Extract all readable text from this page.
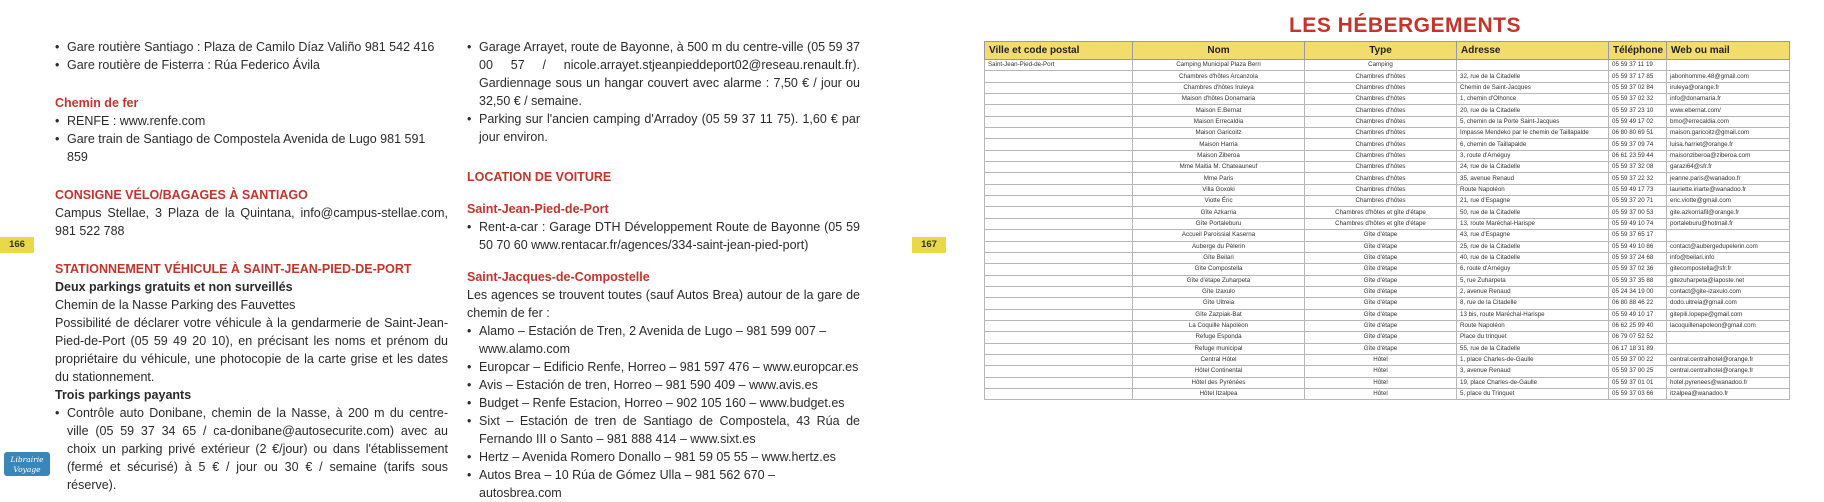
• Gare routière Santiago : Plaza de Camilo Díaz Valiño 981 542 416
• Gare routière de Fisterra : Rúa Federico Ávila
Chemin de fer
• RENFE : www.renfe.com
• Gare train de Santiago de Compostela Avenida de Lugo 981 591 859
CONSIGNE VÉLO/BAGAGES À SANTIAGO

Campus Stellae, 3 Plaza de la Quintana, info@campus-stellae.com, 981 522 788

STATIONNEMENT VÉHICULE À SAINT-JEAN-PIED-DE-PORT
Deux parkings gratuits et non surveillés

Chemin de la Nasse Parking des Fauvettes

Possibilité de déclarer votre véhicule à la gendarmerie de Saint-Jean-Pied-de-Port (05 59 49 20 10), en précisant les noms et prénom du propriétaire du véhicule, une photocopie de la carte grise et les dates du stationnement.

Trois parkings payants
• Contrôle auto Donibane, chemin de la Nasse, à 200 m du centre-ville (05 59 37 34 65 / ca-donibane@autosecurite.com) avec au choix un parking privé extérieur (2 €/jour) ou dans l'établissement (fermé et sécurisé) à 5 € / jour ou 30 € / semaine (tarifs sous réserve).
• Garage Arrayet, route de Bayonne, à 500 m du centre-ville (05 59 37 00 57 / nicole.arrayet.stjeanpieddeport02@reseau.renault.fr). Gardiennage sous un hangar couvert avec alarme : 7,50 € / jour ou 32,50 € / semaine.
• Parking sur l'ancien camping d'Arradoy (05 59 37 11 75). 1,60 € par jour environ.
LOCATION DE VOITURE
Saint-Jean-Pied-de-Port
• Rent-a-car : Garage DTH Développement Route de Bayonne (05 59 50 70 60 www.rentacar.fr/agences/334-saint-jean-pied-port)
Saint-Jacques-de-Compostelle

Les agences se trouvent toutes (sauf Autos Brea) autour de la gare de chemin de fer :

• Alamo – Estación de Tren, 2 Avenida de Lugo – 981 599 007 – www.alamo.com
• Europcar – Edificio Renfe, Horreo – 981 597 476 – www.europcar.es
• Avis – Estación de tren, Horreo – 981 590 409 – www.avis.es
• Budget – Renfe Estacion, Horreo – 902 105 160 – www.budget.es
• Sixt – Estación de tren de Santiago de Compostela, 43 Rúa de Fernando III o Santo – 981 888 414 – www.sixt.es
• Hertz – Avenida Romero Donallo – 981 59 05 55 – www.hertz.es
• Autos Brea – 10 Rúa de Gómez Ulla – 981 562 670 – autosbrea.com
166
Librairie
Voyage
167
LES HÉBERGEMENTS
Ville et code postal	Nom	Type	Adresse	Téléphone	Web ou mail
Saint-Jean-Pied-de-Port	Camping Municipal Plaza Berri	Camping		05 59 37 11 19	
	Chambres d'hôtes Arcanzola	Chambres d'hôtes	32, rue de la Citadelle	05 59 37 17 85	jabonhomme.48@gmail.com
	Chambres d'hôtes Iruleya	Chambres d'hôtes	Chemin de Saint-Jacques	05 59 37 02 84	iruleya@orange.fr
	Maison d'hôtes Donamaria	Chambres d'hôtes	1, chemin d'Olhonce	05 59 37 02 32	info@donamaria.fr
	Maison E.Bernat	Chambres d'hôtes	20, rue de la Citadelle	05 59 37 23 10	www.ebernat.com/
	Maison Errecaldia	Chambres d'hôtes	5, chemin de la Porte Saint-Jacques	05 59 49 17 02	bmo@errecaldia.com
	Maison Garicoitz	Chambres d'hôtes	Impasse Mendeko par le chemin de Taillapalde	06 80 80 69 51	maison.garicoitz@gmail.com
	Maison Harria	Chambres d'hôtes	6, chemin de Taillapalde	05 59 37 09 74	luisa.harriet@orange.fr
	Maison Ziberoa	Chambres d'hôtes	3, route d'Arnéguy	06 61 23 59 44	maisonziberoa@ziberoa.com
	Mme Maitia M. Chateauneuf	Chambres d'hôtes	24, rue de la Citadelle	05 59 37 32 08	garazi64@sfr.fr
	Mme Paris	Chambres d'hôtes	35, avenue Renaud	05 59 37 22 32	jeanne.paris@wanadoo.fr
	Villa Goxoki	Chambres d'hôtes	Route Napoléon	05 59 49 17 73	lauriette.iriarte@wanadoo.fr
	Viotte Éric	Chambres d'hôtes	21, rue d'Espagne	05 59 37 20 71	eric.viotte@gmail.com
	Gîte Azkarria	Chambres d'hôtes et gîte d'étape	50, rue de la Citadelle	05 59 37 00 53	gite.azkorriafil@orange.fr
	Gîte Portaleburu	Chambres d'hôtes et gîte d'étape	13, route Maréchal-Harispe	05 59 49 10 74	portaleburu@hotmail.fr
	Accueil Paroissial Kaserna	Gîte d'étape	43, rue d'Espagne	05 59 37 65 17	
	Auberge du Pèlerin	Gîte d'étape	25, rue de la Citadelle	05 59 49 10 86	contact@aubergedupelerin.com
	Gîte Beilari	Gîte d'étape	40, rue de la Citadelle	05 59 37 24 68	info@beilari.info
	Gîte Compostella	Gîte d'étape	6, route d'Arnéguy	05 59 37 02 36	gitecompostella@sfr.fr
	Gîte d'étape Zuharpeta	Gîte d'étape	5, rue Zuharpeta	05 59 37 35 88	gitezuharpeta@laposte.net
	Gîte Izaxulo	Gîte d'étape	2, avenue Renaud	05 24 34 19 00	contact@gite-izaxulo.com
	Gîte Ultreia	Gîte d'étape	8, rue de la Citadelle	06 80 88 46 22	dodo.ultreia@gmail.com
	Gîte Zazpiak-Bat	Gîte d'étape	13 bis, route Maréchal-Harispe	05 59 49 10 17	gitepili.lopepe@gmail.com
	La Coquille Napoléon	Gîte d'étape	Route Napoléon	06 62 25 99 40	lacoquillenapoleon@gmail.com
	Refuge Esponda	Gîte d'étape	Place du trinquet	06 79 07 52 52	
	Refuge municipal	Gîte d'étape	55, rue de la Citadelle	06 17 18 31 89	
	Central Hôtel	Hôtel	1, place Charles-de-Gaulle	05 59 37 00 22	central.centralhotel@orange.fr
	Hôtel Continental	Hôtel	3, avenue Renaud	05 59 37 00 25	central.centralhotel@orange.fr
	Hôtel des Pyrénées	Hôtel	19, place Charles-de-Gaulle	05 59 37 01 01	hotel.pyrenees@wanadoo.fr
	Hôtel Itzalpea	Hôtel	5, place du Trinquet	05 59 37 03 66	itzalpea@wanadoo.fr
